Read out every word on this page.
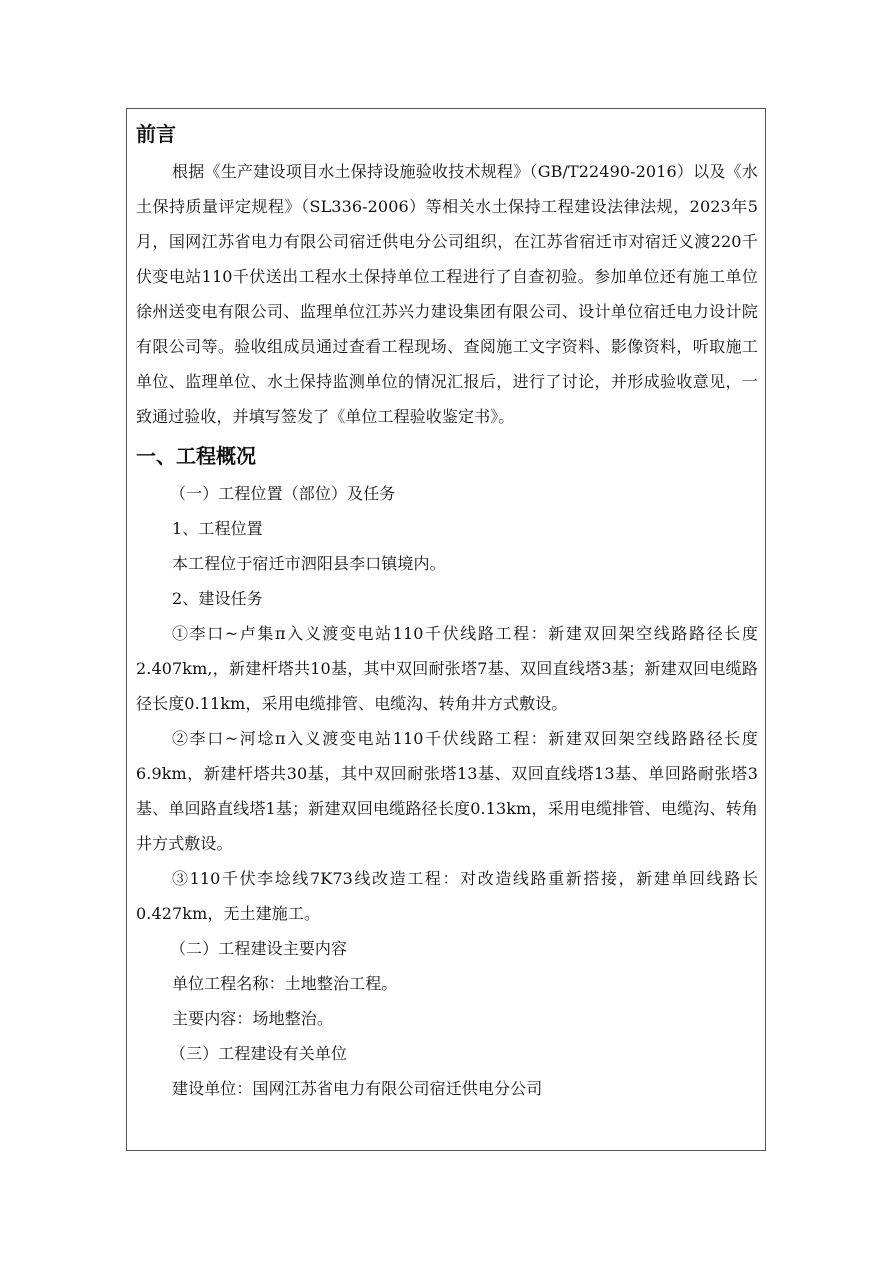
前言

根据《生产建设项目水土保持设施验收技术规程》（GB/T22490-2016）以及《水土保持质量评定规程》（SL336-2006）等相关水土保持工程建设法律法规，2023年5月，国网江苏省电力有限公司宿迁供电分公司组织，在江苏省宿迁市对宿迁义渡220千伏变电站110千伏送出工程水土保持单位工程进行了自查初验。参加单位还有施工单位徐州送变电有限公司、监理单位江苏兴力建设集团有限公司、设计单位宿迁电力设计院有限公司等。验收组成员通过查看工程现场、查阅施工文字资料、影像资料，听取施工单位、监理单位、水土保持监测单位的情况汇报后，进行了讨论，并形成验收意见，一致通过验收，并填写签发了《单位工程验收鉴定书》。

一、工程概况

（一）工程位置（部位）及任务

1、工程位置

本工程位于宿迁市泗阳县李口镇境内。

2、建设任务

①李口~卢集π入义渡变电站110千伏线路工程：新建双回架空线路路径长度2.407km,，新建杆塔共10基，其中双回耐张塔7基、双回直线塔3基；新建双回电缆路径长度0.11km，采用电缆排管、电缆沟、转角井方式敷设。

②李口~河埝π入义渡变电站110千伏线路工程：新建双回架空线路路径长度6.9km，新建杆塔共30基，其中双回耐张塔13基、双回直线塔13基、单回路耐张塔3基、单回路直线塔1基；新建双回电缆路径长度0.13km，采用电缆排管、电缆沟、转角井方式敷设。

③110千伏李埝线7K73线改造工程：对改造线路重新搭接，新建单回线路长0.427km，无土建施工。

（二）工程建设主要内容

单位工程名称：土地整治工程。

主要内容：场地整治。

（三）工程建设有关单位

建设单位：国网江苏省电力有限公司宿迁供电分公司
